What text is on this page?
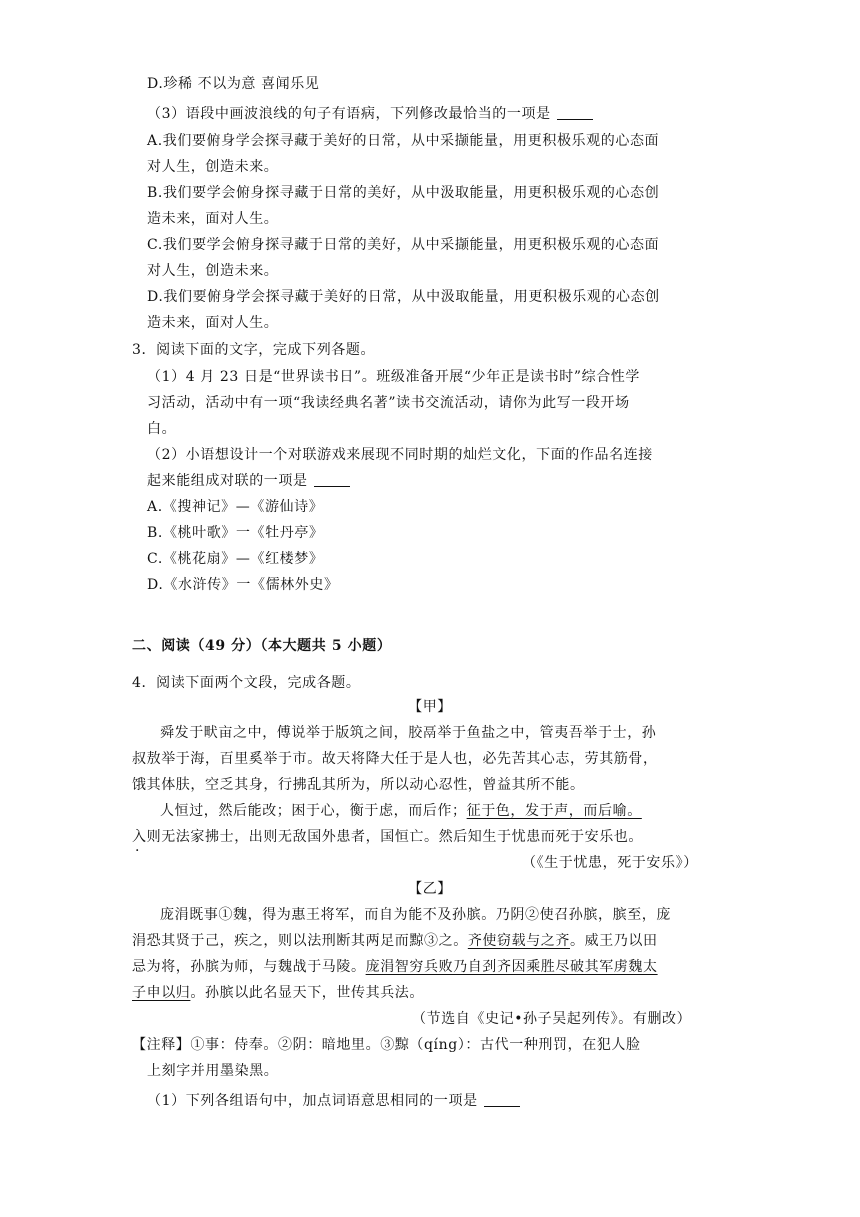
D.珍稀 不以为意 喜闻乐见
（3）语段中画波浪线的句子有语病，下列修改最恰当的一项是
A.我们要俯身学会探寻藏于美好的日常，从中采撷能量，用更积极乐观的心态面
对人生，创造未来。
B.我们要学会俯身探寻藏于日常的美好，从中汲取能量，用更积极乐观的心态创
造未来，面对人生。
C.我们要学会俯身探寻藏于日常的美好，从中采撷能量，用更积极乐观的心态面
对人生，创造未来。
D.我们要俯身学会探寻藏于美好的日常，从中汲取能量，用更积极乐观的心态创
造未来，面对人生。
3．阅读下面的文字，完成下列各题。
（1）4 月 23 日是“世界读书日”。班级准备开展“少年正是读书时”综合性学
习活动，活动中有一项“我读经典名著”读书交流活动，请你为此写一段开场
白。
（2）小语想设计一个对联游戏来展现不同时期的灿烂文化，下面的作品名连接
起来能组成对联的一项是
A.《搜神记》—《游仙诗》
B.《桃叶歌》一《牡丹亭》
C.《桃花扇》—《红楼梦》
D.《水浒传》一《儒林外史》
二、阅读（49 分）（本大题共 5 小题）
4．阅读下面两个文段，完成各题。
【甲】
舜发于畎亩之中，傅说举于版筑之间，胶鬲举于鱼盐之中，管夷吾举于士，孙
叔敖举于海，百里奚举于市。故天将降大任于是人也，必先苦其心志，劳其筋骨，
饿其体肤，空乏其身，行拂乱其所为，所以动心忍性，曾益其所不能。
人恒过，然后能改；困于心，衡于虑，而后作；征于色，发于声，而后喻。
入则无法家拂士，出则无敌国外患者，国恒亡。然后知生于忧患而死于安乐也。
（《生于忧患，死于安乐》）
【乙】
庞涓既事①魏，得为惠王将军，而自为能不及孙膑。乃阴②使召孙膑，膑至，庞
涓恐其贤于己，疾之，则以法刑断其两足而黥③之。齐使窃载与之齐。威王乃以田
忌为将，孙膑为师，与魏战于马陵。庞涓智穷兵败乃自刭齐因乘胜尽破其军虏魏太
子申以归。孙膑以此名显天下，世传其兵法。
（节选自《史记•孙子吴起列传》。有删改）
【注释】①事：侍奉。②阴：暗地里。③黥（qíng）：古代一种刑罚，在犯人脸
上刻字并用墨染黑。
（1）下列各组语句中，加点词语意思相同的一项是
